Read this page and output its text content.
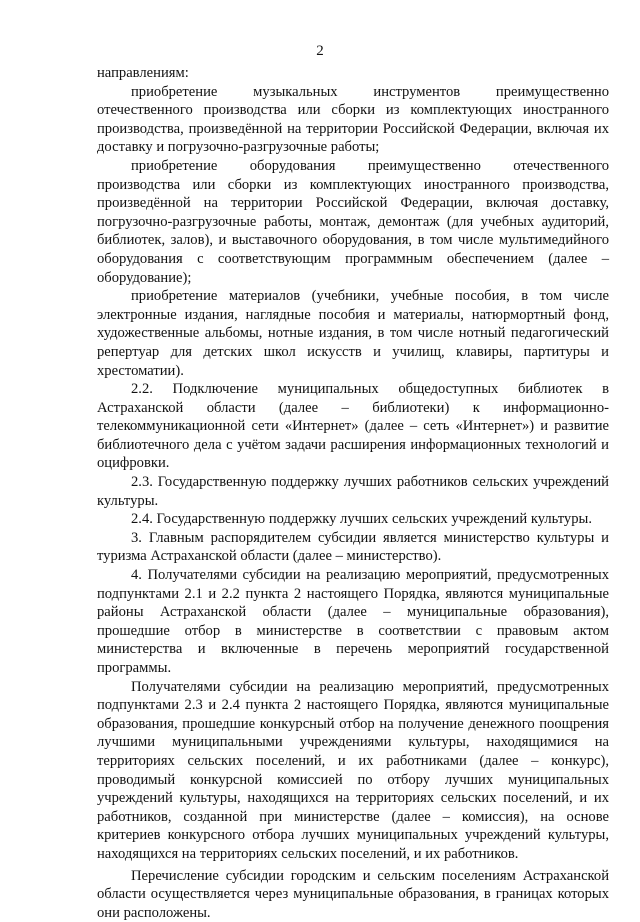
2

направлениям:

приобретение музыкальных инструментов преимущественно отечественного производства или сборки из комплектующих иностранного производства, произведённой на территории Российской Федерации, включая их доставку и погрузочно-разгрузочные работы;

приобретение оборудования преимущественно отечественного производства или сборки из комплектующих иностранного производства, произведённой на территории Российской Федерации, включая доставку, погрузочно-разгрузочные работы, монтаж, демонтаж (для учебных аудиторий, библиотек, залов), и выставочного оборудования, в том числе мультимедийного оборудования с соответствующим программным обеспечением (далее – оборудование);

приобретение материалов (учебники, учебные пособия, в том числе электронные издания, наглядные пособия и материалы, натюрмортный фонд, художественные альбомы, нотные издания, в том числе нотный педагогический репертуар для детских школ искусств и училищ, клавиры, партитуры и хрестоматии).

2.2. Подключение муниципальных общедоступных библиотек в Астраханской области (далее – библиотеки) к информационно-телекоммуникационной сети «Интернет» (далее – сеть «Интернет») и развитие библиотечного дела с учётом задачи расширения информационных технологий и оцифровки.

2.3. Государственную поддержку лучших работников сельских учреждений культуры.

2.4. Государственную поддержку лучших сельских учреждений культуры.

3. Главным распорядителем субсидии является министерство культуры и туризма Астраханской области (далее – министерство).

4. Получателями субсидии на реализацию мероприятий, предусмотренных подпунктами 2.1 и 2.2 пункта 2 настоящего Порядка, являются муниципальные районы Астраханской области (далее – муниципальные образования), прошедшие отбор в министерстве в соответствии с правовым актом министерства и включенные в перечень мероприятий государственной программы.

Получателями субсидии на реализацию мероприятий, предусмотренных подпунктами 2.3 и 2.4 пункта 2 настоящего Порядка, являются муниципальные образования, прошедшие конкурсный отбор на получение денежного поощрения лучшими муниципальными учреждениями культуры, находящимися на территориях сельских поселений, и их работниками (далее – конкурс), проводимый конкурсной комиссией по отбору лучших муниципальных учреждений культуры, находящихся на территориях сельских поселений, и их работников, созданной при министерстве (далее – комиссия), на основе критериев конкурсного отбора лучших муниципальных учреждений культуры, находящихся на территориях сельских поселений, и их работников.

Перечисление субсидии городским и сельским поселениям Астраханской области осуществляется через муниципальные образования, в границах которых они расположены.
